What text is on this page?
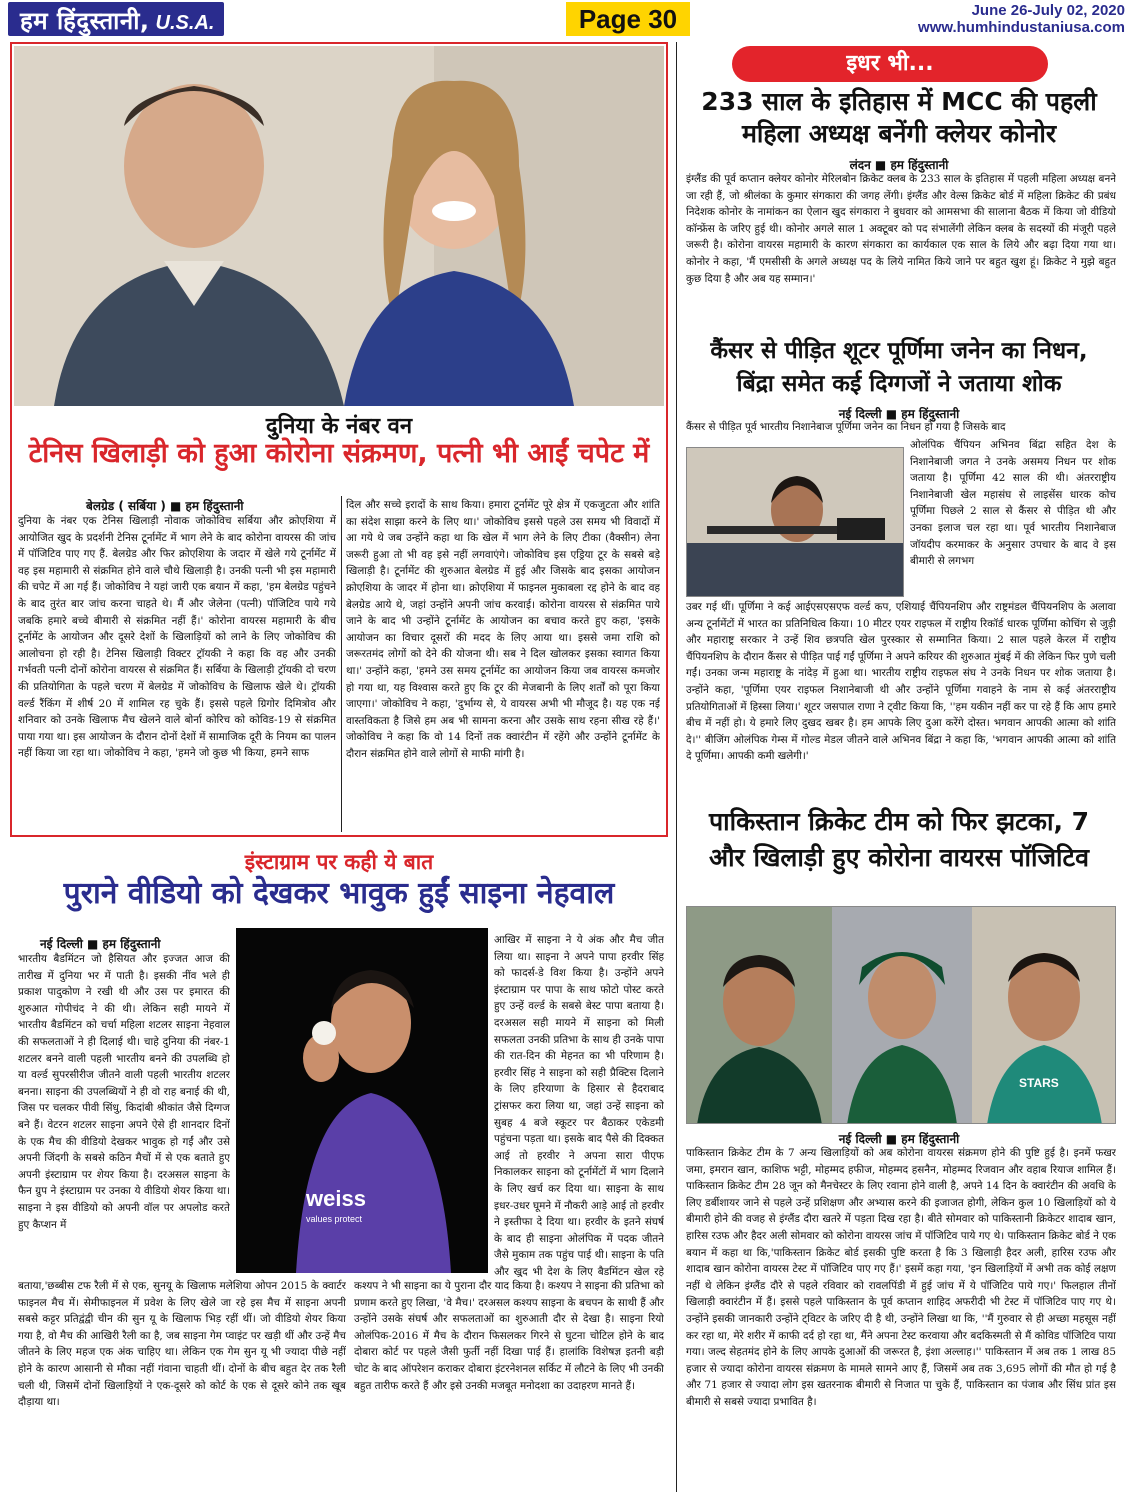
हम हिंदुस्तानी, U.S.A.	Page 30	June 26-July 02, 2020
www.humhindustaniusa.com
दुनिया के नंबर वन
टेनिस खिलाड़ी को हुआ कोरोना संक्रमण, पत्नी भी आईं चपेट में
बेलग्रेड ( सर्बिया ) ■ हम हिंदुस्तानी
दुनिया के नंबर एक टेनिस खिलाड़ी नोवाक जोकोविच सर्बिया और क्रोएशिया में आयोजित खुद के प्रदर्शनी टेनिस टूर्नामेंट में भाग लेने के बाद कोरोना वायरस की जांच में पॉजिटिव पाए गए हैं. बेलग्रेड और फिर क्रोएशिया के जदार में खेले गये टूर्नामेंट में वह इस महामारी से संक्रमित होने वाले चौथे खिलाड़ी है। उनकी पत्नी भी इस महामारी की चपेट में आ गई हैं। जोकोविच ने यहां जारी एक बयान में कहा, 'हम बेलग्रेड पहुंचने के बाद तुरंत बार जांच करना चाहते थे। मैं और जेलेना (पत्नी) पॉजिटिव पाये गये जबकि हमारे बच्चे बीमारी से संक्रमित नहीं हैं।' कोरोना वायरस महामारी के बीच टूर्नामेंट के आयोजन और दूसरे देशों के खिलाड़ियों को लाने के लिए जोकोविच की आलोचना हो रही है। टेनिस खिलाड़ी विक्टर ट्रॉयकी ने कहा कि वह और उनकी गर्भवती पत्नी दोनों कोरोना वायरस से संक्रमित हैं। सर्बिया के खिलाड़ी ट्रॉयकी दो चरण की प्रतियोगिता के पहले चरण में बेलग्रेड में जोकोविच के खिलाफ खेले थे। ट्रॉयकी वर्ल्ड रैंकिंग में शीर्ष 20 में शामिल रह चुके हैं। इससे पहले ग्रिगोर दिमित्रोव और शनिवार को उनके खिलाफ मैच खेलने वाले बोर्ना कोरिच को कोविड-19 से संक्रमित पाया गया था। इस आयोजन के दौरान दोनों देशों में सामाजिक दूरी के नियम का पालन नहीं किया जा रहा था। जोकोविच ने कहा, 'हमने जो कुछ भी किया, हमने साफ
दिल और सच्चे इरादों के साथ किया। हमारा टूर्नामेंट पूरे क्षेत्र में एकजुटता और शांति का संदेश साझा करने के लिए था।' जोकोविच इससे पहले उस समय भी विवादों में आ गये थे जब उन्होंने कहा था कि खेल में भाग लेने के लिए टीका (वैक्सीन) लेना जरूरी हुआ तो भी वह इसे नहीं लगवाएंगे। जोकोविच इस एड्रिया टूर के सबसे बड़े खिलाड़ी है। टूर्नामेंट की शुरुआत बेलग्रेड में हुई और जिसके बाद इसका आयोजन क्रोएशिया के जादर में होना था। क्रोएशिया में फाइनल मुकाबला रद्द होने के बाद वह बेलग्रेड आये थे, जहां उन्होंने अपनी जांच करवाई। कोरोना वायरस से संक्रमित पाये जाने के बाद भी उन्होंने टूर्नामेंट के आयोजन का बचाव करते हुए कहा, 'इसके आयोजन का विचार दूसरों की मदद के लिए आया था। इससे जमा राशि को जरूरतमंद लोगों को देने की योजना थी। सब ने दिल खोलकर इसका स्वागत किया था।' उन्होंने कहा, 'हमने उस समय टूर्नामेंट का आयोजन किया जब वायरस कमजोर हो गया था, यह विश्वास करते हुए कि टूर की मेजबानी के लिए शर्तों को पूरा किया जाएगा।' जोकोविच ने कहा, 'दुर्भाग्य से, ये वायरस अभी भी मौजूद है। यह एक नई वास्तविकता है जिसे हम अब भी सामना करना और उसके साथ रहना सीख रहे हैं।' जोकोविच ने कहा कि वो 14 दिनों तक क्वारंटीन में रहेंगे और उन्होंने टूर्नामेंट के दौरान संक्रमित होने वाले लोगों से माफी मांगी है।
इंस्टाग्राम पर कही ये बात
पुराने वीडियो को देखकर भावुक हुईं साइना नेहवाल
नई दिल्ली ■ हम हिंदुस्तानी
भारतीय बैडमिंटन जो हैसियत और इज्जत आज की तारीख में दुनिया भर में पाती है। इसकी नींव भले ही प्रकाश पादुकोण ने रखी थी और उस पर इमारत की शुरुआत गोपीचंद ने की थी। लेकिन सही मायने में भारतीय बैडमिंटन को चर्चा महिला शटलर साइना नेहवाल की सफलताओं ने ही दिलाई थी। चाहे दुनिया की नंबर-1 शटलर बनने वाली पहली भारतीय बनने की उपलब्धि हो या वर्ल्ड सुपरसीरीज जीतने वाली पहली भारतीय शटलर बनना। साइना की उपलब्धियों ने ही वो राह बनाई की थी, जिस पर चलकर पीवी सिंधु, किदांबी श्रीकांत जैसे दिग्गज बने हैं। वेटरन शटलर साइना अपने ऐसे ही शानदार दिनों के एक मैच की वीडियो देखकर भावुक हो गईं और उसे अपनी जिंदगी के सबसे कठिन मैचों में से एक बताते हुए अपनी इंस्टाग्राम पर शेयर किया है। दरअसल साइना के फैन ग्रुप ने इंस्टाग्राम पर उनका ये वीडियो शेयर किया था। साइना ने इस वीडियो को अपनी वॉल पर अपलोड करते हुए कैप्शन में
weiss
values protect
आखिर में साइना ने ये अंक और मैच जीत लिया था। साइना ने अपने पापा हरवीर सिंह को फादर्स-डे विश किया है। उन्होंने अपने इंस्टाग्राम पर पापा के साथ फोटो पोस्ट करते हुए उन्हें वर्ल्ड के सबसे बेस्ट पापा बताया है। दरअसल सही मायने में साइना को मिली सफलता उनकी प्रतिभा के साथ ही उनके पापा की रात-दिन की मेहनत का भी परिणाम है। हरवीर सिंह ने साइना को सही प्रैक्टिस दिलाने के लिए हरियाणा के हिसार से हैदराबाद ट्रांसफर करा लिया था, जहां उन्हें साइना को सुबह 4 बजे स्कूटर पर बैठाकर एकेडमी पहुंचना पड़ता था। इसके बाद पैसे की दिक्कत आई तो हरवीर ने अपना सारा पीएफ निकालकर साइना को टूर्नामेंटों में भाग दिलाने के लिए खर्च कर दिया था। साइना के साथ इधर-उधर घूमने में नौकरी आड़े आई तो हरवीर ने इस्तीफा दे दिया था। हरवीर के इतने संघर्ष के बाद ही साइना ओलंपिक में पदक जीतने जैसे मुकाम तक पहुंच पाई थी। साइना के पति और खुद भी देश के लिए बैडमिंटन खेल रहे
बताया,'छब्बीस टफ रैली में से एक, सुनयू के खिलाफ मलेशिया ओपन 2015 के क्वार्टर फाइनल मैच में। सेमीफाइनल में प्रवेश के लिए खेले जा रहे इस मैच में साइना अपनी सबसे कट्टर प्रतिद्वंद्वी चीन की सुन यू के खिलाफ भिड़ रहीं थीं। जो वीडियो शेयर किया गया है, वो मैच की आखिरी रैली का है, जब साइना गेम प्वाइंट पर खड़ी थीं और उन्हें मैच जीतने के लिए महज एक अंक चाहिए था। लेकिन एक गेम सुन यू भी ज्यादा पीछे नहीं होने के कारण आसानी से मौका नहीं गंवाना चाहती थीं। दोनों के बीच बहुत देर तक रैली चली थी, जिसमें दोनों खिलाड़ियों ने एक-दूसरे को कोर्ट के एक से दूसरे कोने तक खूब दौड़ाया था।
कश्यप ने भी साइना का ये पुराना दौर याद किया है। कश्यप ने साइना की प्रतिभा को प्रणाम करते हुए लिखा, 'वे मैच।' दरअसल कश्यप साइना के बचपन के साथी हैं और उन्होंने उसके संघर्ष और सफलताओं का शुरुआती दौर से देखा है। साइना रियो ओलंपिक-2016 में मैच के दौरान फिसलकर गिरने से घुटना चोटिल होने के बाद दोबारा कोर्ट पर पहले जैसी फुर्ती नहीं दिखा पाई हैं। हालांकि विशेषज्ञ इतनी बड़ी चोट के बाद ऑपरेशन कराकर दोबारा इंटरनेशनल सर्किट में लौटने के लिए भी उनकी बहुत तारीफ करते हैं और इसे उनकी मजबूत मनोदशा का उदाहरण मानते हैं।
इधर भी...
233 साल के इतिहास में MCC की पहली
महिला अध्यक्ष बनेंगी क्लेयर कोनोर
लंदन ■ हम हिंदुस्तानी
इंग्लैंड की पूर्व कप्तान क्लेयर कोनोर मेरिलबोन क्रिकेट क्लब के 233 साल के इतिहास में पहली महिला अध्यक्ष बनने जा रही हैं, जो श्रीलंका के कुमार संगकारा की जगह लेंगी। इंग्लैंड और वेल्स क्रिकेट बोर्ड में महिला क्रिकेट की प्रबंध निदेशक कोनोर के नामांकन का ऐलान खुद संगकारा ने बुधवार को आमसभा की सालाना बैठक में किया जो वीडियो कॉन्फ्रेंस के जरिए हुई थी। कोनोर अगले साल 1 अक्टूबर को पद संभालेंगी लेकिन क्लब के सदस्यों की मंजूरी पहले जरूरी है। कोरोना वायरस महामारी के कारण संगकारा का कार्यकाल एक साल के लिये और बढ़ा दिया गया था। कोनोर ने कहा, 'मैं एमसीसी के अगले अध्यक्ष पद के लिये नामित किये जाने पर बहुत खुश हूं। क्रिकेट ने मुझे बहुत कुछ दिया है और अब यह सम्मान।'
कैंसर से पीड़ित शूटर पूर्णिमा जनेन का निधन,
बिंद्रा समेत कई दिग्गजों ने जताया शोक
नई दिल्ली ■ हम हिंदुस्तानी
कैंसर से पीड़ित पूर्व भारतीय निशानेबाज पूर्णिमा जनेन का निधन हो गया है जिसके बाद
ओलंपिक चैंपियन अभिनव बिंद्रा सहित देश के निशानेबाजी जगत ने उनके असमय निधन पर शोक जताया है। पूर्णिमा 42 साल की थी। अंतरराष्ट्रीय निशानेबाजी खेल महासंघ से लाइसेंस धारक कोच पूर्णिमा पिछले 2 साल से कैंसर से पीड़ित थी और उनका इलाज चल रहा था। पूर्व भारतीय निशानेबाज जॉयदीप करमाकर के अनुसार उपचार के बाद वे इस बीमारी से लगभग
उबर गई थीं। पूर्णिमा ने कई आईएसएसएफ वर्ल्ड कप, एशियाई चैंपियनशिप और राष्ट्रमंडल चैंपियनशिप के अलावा अन्य टूर्नामेंटों में भारत का प्रतिनिधित्व किया। 10 मीटर एयर राइफल में राष्ट्रीय रिकॉर्ड धारक पूर्णिमा कोचिंग से जुड़ी और महाराष्ट्र सरकार ने उन्हें शिव छत्रपति खेल पुरस्कार से सम्मानित किया। 2 साल पहले केरल में राष्ट्रीय चैंपियनशिप के दौरान कैंसर से पीड़ित पाई गईं पूर्णिमा ने अपने करियर की शुरुआत मुंबई में की लेकिन फिर पुणे चली गईं। उनका जन्म महाराष्ट्र के नांदेड़ में हुआ था। भारतीय राष्ट्रीय राइफल संघ ने उनके निधन पर शोक जताया है। उन्होंने कहा, 'पूर्णिमा एयर राइफल निशानेबाजी थी और उन्होंने पूर्णिमा गवाहने के नाम से कई अंतरराष्ट्रीय प्रतियोगिताओं में हिस्सा लिया।' शूटर जसपाल राणा ने ट्वीट किया कि, ''हम यकीन नहीं कर पा रहे हैं कि आप हमारे बीच में नहीं हो। ये हमारे लिए दुखद खबर है। हम आपके लिए दुआ करेंगे दोस्त। भगवान आपकी आत्मा को शांति दे।'' बीजिंग ओलंपिक गेम्स में गोल्ड मेडल जीतने वाले अभिनव बिंद्रा ने कहा कि, 'भगवान आपकी आत्मा को शांति दे पूर्णिमा। आपकी कमी खलेगी।'
पाकिस्तान क्रिकेट टीम को फिर झटका, 7
और खिलाड़ी हुए कोरोना वायरस पॉजिटिव
STARS
नई दिल्ली ■ हम हिंदुस्तानी
पाकिस्तान क्रिकेट टीम के 7 अन्य खिलाड़ियों को अब कोरोना वायरस संक्रमण होने की पुष्टि हुई है। इनमें फखर जमा, इमरान खान, काशिफ भट्टी, मोहम्मद हफीज, मोहम्मद हसनैन, मोहम्मद रिजवान और वहाब रियाज शामिल हैं। पाकिस्तान क्रिकेट टीम 28 जून को मैनचेस्टर के लिए रवाना होने वाली है, अपने 14 दिन के क्वारंटीन की अवधि के लिए डर्बीशायर जाने से पहले उन्हें प्रशिक्षण और अभ्यास करने की इजाजत होगी, लेकिन कुल 10 खिलाड़ियों को ये बीमारी होने की वजह से इंग्लैंड दौरा खतरे में पड़ता दिख रहा है। बीते सोमवार को पाकिस्तानी क्रिकेटर शादाब खान, हारिस रउफ और हैदर अली सोमवार को कोरोना वायरस जांच में पॉजिटिव पाये गए थे। पाकिस्तान क्रिकेट बोर्ड ने एक बयान में कहा था कि,'पाकिस्तान क्रिकेट बोर्ड इसकी पुष्टि करता है कि 3 खिलाड़ी हैदर अली, हारिस रउफ और शादाब खान कोरोना वायरस टेस्ट में पॉजिटिव पाए गए हैं।' इसमें कहा गया, 'इन खिलाड़ियों में अभी तक कोई लक्षण नहीं थे लेकिन इंग्लैंड दौरे से पहले रविवार को रावलपिंडी में हुई जांच में ये पॉजिटिव पाये गए।' फिलहाल तीनों खिलाड़ी क्वारंटीन में हैं। इससे पहले पाकिस्तान के पूर्व कप्तान शाहिद अफरीदी भी टेस्ट में पॉजिटिव पाए गए थे। उन्होंने इसकी जानकारी उन्होंने ट्विटर के जरिए दी है थी, उन्होंने लिखा था कि, ''मैं गुरुवार से ही अच्छा महसूस नहीं कर रहा था, मेरे शरीर में काफी दर्द हो रहा था, मैंने अपना टेस्ट करवाया और बदकिस्मती से मैं कोविड पॉजिटिव पाया गया। जल्द सेहतमंद होने के लिए आपके दुआओं की जरूरत है, इंशा अल्लाह।'' पाकिस्तान में अब तक 1 लाख 85 हजार से ज्यादा कोरोना वायरस संक्रमण के मामले सामने आए हैं, जिसमें अब तक 3,695 लोगों की मौत हो गई है और 71 हजार से ज्यादा लोग इस खतरनाक बीमारी से निजात पा चुके हैं, पाकिस्तान का पंजाब और सिंध प्रांत इस बीमारी से सबसे ज्यादा प्रभावित है।
